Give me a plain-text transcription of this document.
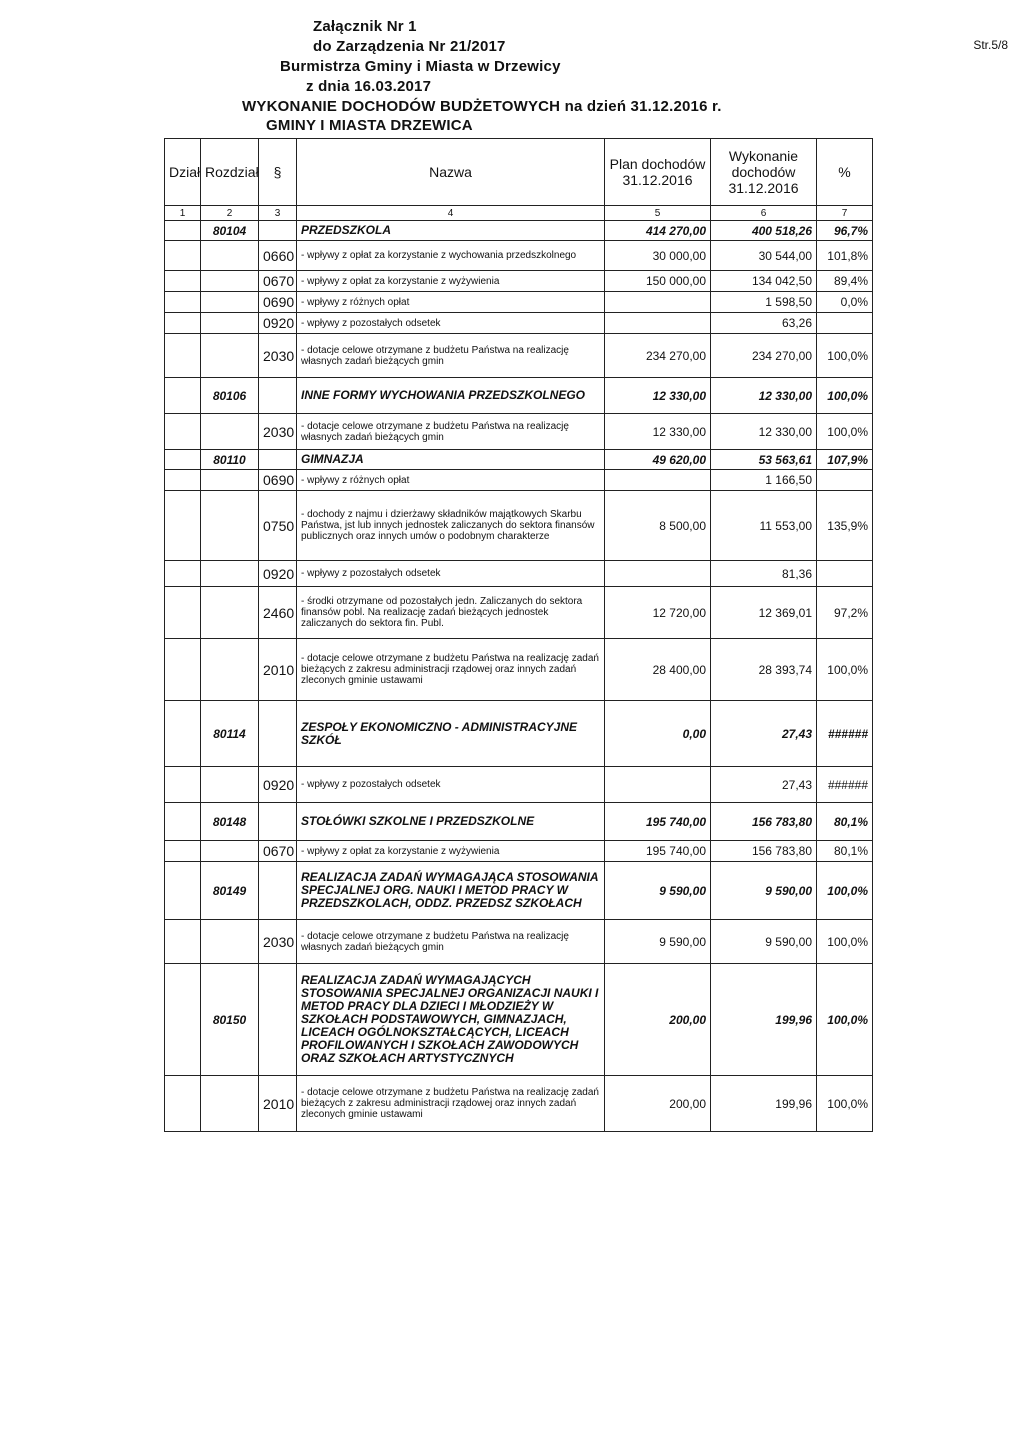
Załącznik Nr 1
do Zarządzenia Nr 21/2017
Burmistrza Gminy i Miasta w Drzewicy
z dnia 16.03.2017
WYKONANIE DOCHODÓW BUDŻETOWYCH na dzień 31.12.2016 r.
GMINY I MIASTA DRZEWICA
Str.5/8
Dział	Rozdział	§	Nazwa	Plan dochodów 31.12.2016	Wykonanie dochodów 31.12.2016	%
1	2	3	4	5	6	7
	80104		PRZEDSZKOLA	414 270,00	400 518,26	96,7%
		0660	- wpływy z opłat za korzystanie z wychowania przedszkolnego	30 000,00	30 544,00	101,8%
		0670	- wpływy z opłat za korzystanie z wyżywienia	150 000,00	134 042,50	89,4%
		0690	- wpływy z różnych opłat		1 598,50	0,0%
		0920	- wpływy z pozostałych odsetek		63,26	
		2030	- dotacje celowe otrzymane z budżetu Państwa na realizację własnych zadań bieżących gmin	234 270,00	234 270,00	100,0%
	80106		INNE FORMY WYCHOWANIA PRZEDSZKOLNEGO	12 330,00	12 330,00	100,0%
		2030	- dotacje celowe otrzymane z budżetu Państwa na realizację własnych zadań bieżących gmin	12 330,00	12 330,00	100,0%
	80110		GIMNAZJA	49 620,00	53 563,61	107,9%
		0690	- wpływy z różnych opłat		1 166,50	
		0750	- dochody z najmu i dzierżawy składników majątkowych Skarbu Państwa, jst lub innych jednostek zaliczanych do sektora finansów publicznych oraz innych umów o podobnym charakterze	8 500,00	11 553,00	135,9%
		0920	- wpływy z pozostałych odsetek		81,36	
		2460	- środki otrzymane od pozostałych jedn. Zaliczanych do sektora finansów pobl. Na realizację zadań bieżących jednostek zaliczanych do sektora fin. Publ.	12 720,00	12 369,01	97,2%
		2010	- dotacje celowe otrzymane z budżetu Państwa na realizację zadań bieżących z zakresu administracji rządowej oraz innych zadań zleconych gminie ustawami	28 400,00	28 393,74	100,0%
	80114		ZESPOŁY EKONOMICZNO - ADMINISTRACYJNE SZKÓŁ	0,00	27,43	######
		0920	- wpływy z pozostałych odsetek		27,43	######
	80148		STOŁÓWKI SZKOLNE I PRZEDSZKOLNE	195 740,00	156 783,80	80,1%
		0670	- wpływy z opłat za korzystanie z wyżywienia	195 740,00	156 783,80	80,1%
	80149		REALIZACJA ZADAŃ WYMAGAJĄCA STOSOWANIA SPECJALNEJ ORG. NAUKI I METOD PRACY W PRZEDSZKOLACH, ODDZ. PRZEDSZ SZKOŁACH	9 590,00	9 590,00	100,0%
		2030	- dotacje celowe otrzymane z budżetu Państwa na realizację własnych zadań bieżących gmin	9 590,00	9 590,00	100,0%
	80150		REALIZACJA ZADAŃ WYMAGAJĄCYCH STOSOWANIA SPECJALNEJ ORGANIZACJI NAUKI I METOD PRACY DLA DZIECI I MŁODZIEŻY W SZKOŁACH PODSTAWOWYCH, GIMNAZJACH, LICEACH OGÓLNOKSZTAŁCĄCYCH, LICEACH PROFILOWANYCH I SZKOŁACH ZAWODOWYCH ORAZ SZKOŁACH ARTYSTYCZNYCH	200,00	199,96	100,0%
		2010	- dotacje celowe otrzymane z budżetu Państwa na realizację zadań bieżących z zakresu administracji rządowej oraz innych zadań zleconych gminie ustawami	200,00	199,96	100,0%
